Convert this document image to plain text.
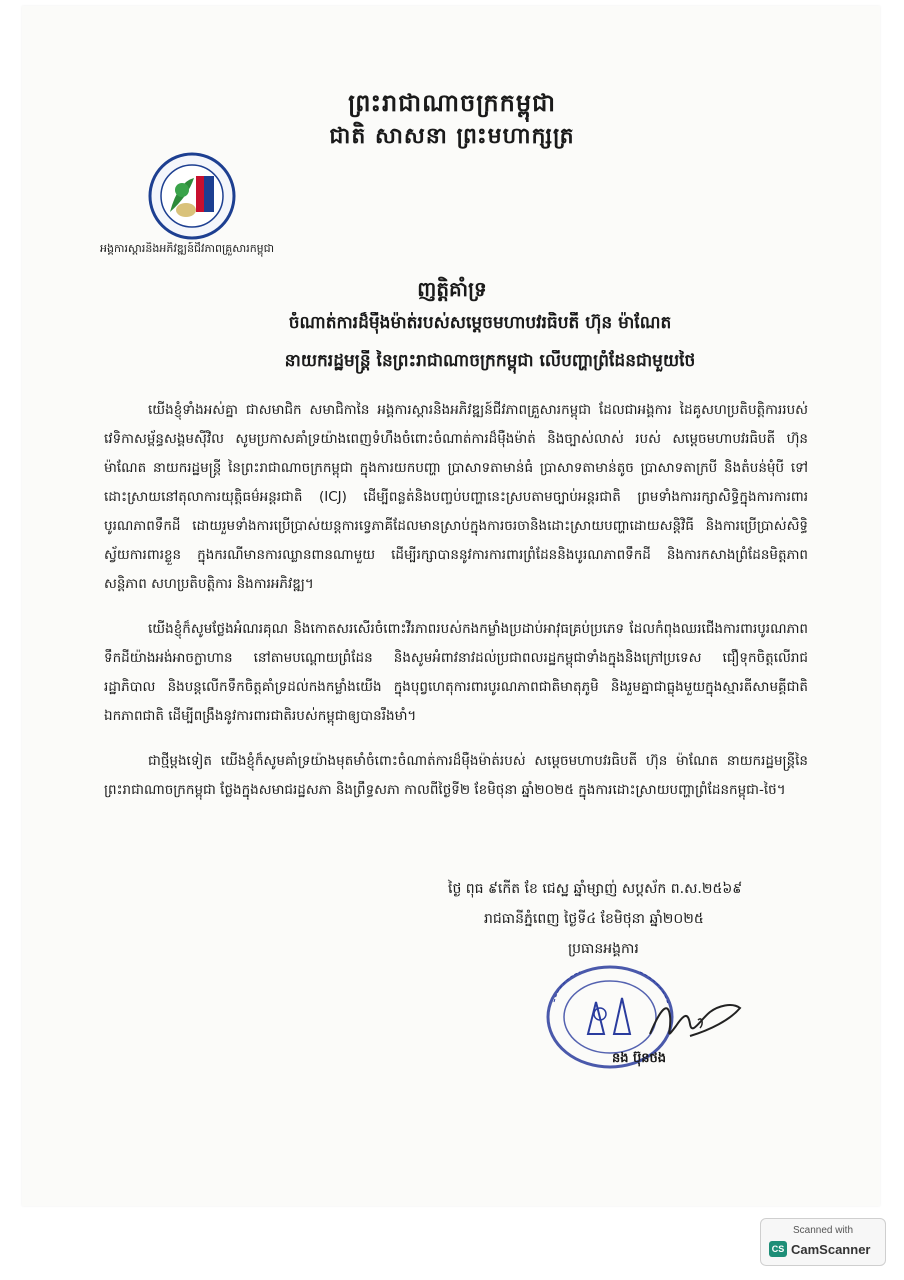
ព្រះរាជាណាចក្រកម្ពុជា
ជាតិ សាសនា ព្រះមហាក្សត្រ
អង្គការស្តារនិងអភិវឌ្ឍន៍ជីវភាពគ្រួសារកម្ពុជា
ញត្តិគាំទ្រ
ចំណាត់ការដ៏មុឺងម៉ាត់របស់សម្តេចមហាបវរធិបតី ហ៊ុន ម៉ាណែត
នាយករដ្ឋមន្ត្រី នៃព្រះរាជាណាចក្រកម្ពុជា លើបញ្ហាព្រំដែនជាមួយថៃ

យើងខ្ញុំទាំងអស់គ្នា ជាសមាជិក សមាជិកានៃ អង្គការស្តារនិងអភិវឌ្ឍន៍ជីវភាពគ្រួសារកម្ពុជា ដែលជាអង្គការ ដៃគូសហប្រតិបត្តិការរបស់វេទិកាសម្ព័ន្ធសង្គមស៊ីវិល សូមប្រកាសគាំទ្រយ៉ាងពេញទំហឹងចំពោះចំណាត់ការដ៏មុឺងម៉ាត់ និងច្បាស់លាស់ របស់ សម្តេចមហាបវរធិបតី ហ៊ុន ម៉ាណែត នាយករដ្ឋមន្ត្រី នៃព្រះរាជាណាចក្រកម្ពុជា ក្នុងការយកបញ្ហា ប្រាសាទតាមាន់ធំ ប្រាសាទតាមាន់តូច ប្រាសាទតាក្របី និងតំបន់មុំបី ទៅដោះស្រាយនៅតុលាការយុត្តិធម៌អន្តរជាតិ (ICJ) ដើម្បីពន្លត់និងបញ្ចប់បញ្ហានេះស្របតាមច្បាប់អន្តរជាតិ ព្រមទាំងការរក្សាសិទ្ធិក្នុងការការពារបូរណភាពទឹកដី ដោយរួមទាំងការប្រើប្រាស់យន្តការទ្វេភាគីដែលមានស្រាប់ក្នុងការចរចានិងដោះស្រាយបញ្ហាដោយសន្តិវិធី និងការប្រើប្រាស់សិទ្ធិស្វ័យការពារខ្លួន ក្នុងករណីមានការឈ្លានពានណាមួយ ដើម្បីរក្សាបាននូវការការពារព្រំដែននិងបូរណភាពទឹកដី និងការកសាងព្រំដែនមិត្តភាព សន្តិភាព សហប្រតិបត្តិការ និងការអភិវឌ្ឍ។

យើងខ្ញុំក៏សូមថ្លែងអំណរគុណ និងកោតសរសើរចំពោះវីរភាពរបស់កងកម្លាំងប្រដាប់អាវុធគ្រប់ប្រភេទ ដែលកំពុងឈរជើងការពារបូរណភាពទឹកដីយ៉ាងអង់អាចក្លាហាន នៅតាមបណ្តោយព្រំដែន និងសូមអំពាវនាវដល់ប្រជាពលរដ្ឋកម្ពុជាទាំងក្នុងនិងក្រៅប្រទេស ជឿទុកចិត្តលើរាជរដ្ឋាភិបាល និងបន្តលើកទឹកចិត្តគាំទ្រដល់កងកម្លាំងយើង ក្នុងបុព្វហេតុការពារបូរណភាពជាតិមាតុភូមិ និងរួមគ្នាជាធ្លុងមួយក្នុងស្មារតីសាមគ្គីជាតិ ឯកភាពជាតិ ដើម្បីពង្រឹងនូវការពារជាតិរបស់កម្ពុជាឲ្យបានរឹងមាំ។

ជាថ្មីម្តងទៀត យើងខ្ញុំក៏សូមគាំទ្រយ៉ាងមុតមាំចំពោះចំណាត់ការដ៏មុឺងម៉ាត់របស់ សម្តេចមហាបវរធិបតី ហ៊ុន ម៉ាណែត នាយករដ្ឋមន្ត្រីនៃព្រះរាជាណាចក្រកម្ពុជា ថ្លែងក្នុងសមាជរដ្ឋសភា និងព្រឹទ្ធសភា កាលពីថ្ងៃទី២ ខែមិថុនា ឆ្នាំ២០២៥ ក្នុងការដោះស្រាយបញ្ហាព្រំដែនកម្ពុជា-ថៃ។

ថ្ងៃ ពុធ ៩កើត ខែ ជេស្ឋ ឆ្នាំម្សាញ់ សប្តស័ក ព.ស.២៥៦៩
រាជធានីភ្នំពេញ ថ្ងៃទី៤ ខែមិថុនា ឆ្នាំ២០២៥
ប្រធានអង្គការ
នង ប៊ុនថង
Scanned with
CS CamScanner
